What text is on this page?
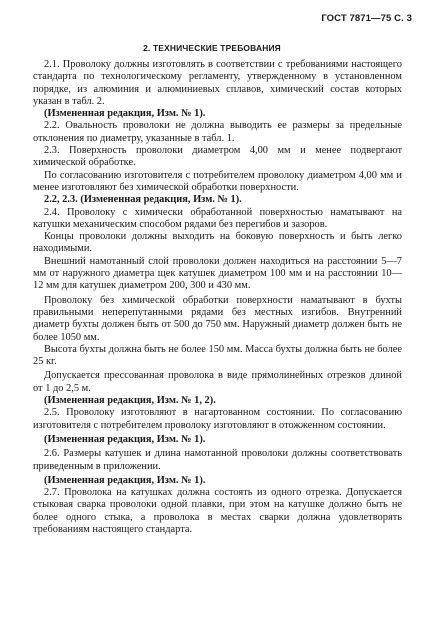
ГОСТ 7871—75 С. 3

2. ТЕХНИЧЕСКИЕ ТРЕБОВАНИЯ

2.1. Проволоку должны изготовлять в соответствии с требованиями настоящего стандарта по технологическому регламенту, утвержденному в установленном порядке, из алюминия и алюминиевых сплавов, химический состав которых указан в табл. 2.

(Измененная редакция, Изм. № 1).

2.2. Овальность проволоки не должна выводить ее размеры за предельные отклонения по диаметру, указанные в табл. 1.

2.3. Поверхность проволоки диаметром 4,00 мм и менее подвергают химической обработке.

По согласованию изготовителя с потребителем проволоку диаметром 4,00 мм и менее изготовляют без химической обработки поверхности.

2.2, 2.3. (Измененная редакция, Изм. № 1).

2.4. Проволоку с химически обработанной поверхностью наматывают на катушки механическим способом рядами без перегибов и зазоров.

Концы проволоки должны выходить на боковую поверхность и быть легко находимыми.

Внешний намотанный слой проволоки должен находиться на расстоянии 5—7 мм от наружного диаметра щек катушек диаметром 100 мм и на расстоянии 10—12 мм для катушек диаметром 200, 300 и 430 мм.

Проволоку без химической обработки поверхности наматывают в бухты правильными неперепутанными рядами без местных изгибов. Внутренний диаметр бухты должен быть от 500 до 750 мм. Наружный диаметр должен быть не более 1050 мм.

Высота бухты должна быть не более 150 мм. Масса бухты должна быть не более 25 кг.

Допускается прессованная проволока в виде прямолинейных отрезков длиной от 1 до 2,5 м.

(Измененная редакция, Изм. № 1, 2).

2.5. Проволоку изготовляют в нагартованном состоянии. По согласованию изготовителя с потребителем проволоку изготовляют в отожженном состоянии.

(Измененная редакция, Изм. № 1).

2.6. Размеры катушек и длина намотанной проволоки должны соответствовать приведенным в приложении.

(Измененная редакция, Изм. № 1).

2.7. Проволока на катушках должна состоять из одного отрезка. Допускается стыковая сварка проволоки одной плавки, при этом на катушке должно быть не более одного стыка, а проволока в местах сварки должна удовлетворять требованиям настоящего стандарта.
